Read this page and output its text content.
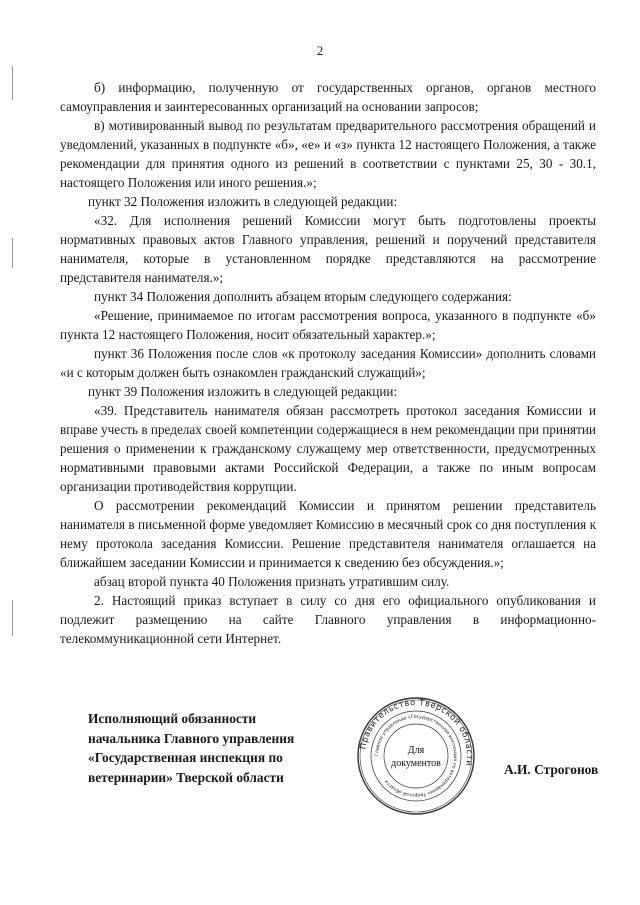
2

б) информацию, полученную от государственных органов, органов местного самоуправления и заинтересованных организаций на основании запросов;

в) мотивированный вывод по результатам предварительного рассмотрения обращений и уведомлений, указанных в подпункте «б», «е» и «з» пункта 12 настоящего Положения, а также рекомендации для принятия одного из решений в соответствии с пунктами 25, 30 - 30.1, настоящего Положения или иного решения.»;

пункт 32 Положения изложить в следующей редакции:

«32. Для исполнения решений Комиссии могут быть подготовлены проекты нормативных правовых актов Главного управления, решений и поручений представителя нанимателя, которые в установленном порядке представляются на рассмотрение представителя нанимателя.»;

пункт 34 Положения дополнить абзацем вторым следующего содержания:

«Решение, принимаемое по итогам рассмотрения вопроса, указанного в подпункте «б» пункта 12 настоящего Положения, носит обязательный характер.»;

пункт 36 Положения после слов «к протоколу заседания Комиссии» дополнить словами «и с которым должен быть ознакомлен гражданский служащий»;

пункт 39 Положения изложить в следующей редакции:

«39. Представитель нанимателя обязан рассмотреть протокол заседания Комиссии и вправе учесть в пределах своей компетенции содержащиеся в нем рекомендации при принятии решения о применении к гражданскому служащему мер ответственности, предусмотренных нормативными правовыми актами Российской Федерации, а также по иным вопросам организации противодействия коррупции.

О рассмотрении рекомендаций Комиссии и принятом решении представитель нанимателя в письменной форме уведомляет Комиссию в месячный срок со дня поступления к нему протокола заседания Комиссии. Решение представителя нанимателя оглашается на ближайшем заседании Комиссии и принимается к сведению без обсуждения.»;

абзац второй пункта 40 Положения признать утратившим силу.

2. Настоящий приказ вступает в силу со дня его официального опубликования и подлежит размещению на сайте Главного управления в информационно-телекоммуникационной сети Интернет.

Исполняющий обязанности
начальника Главного управления
«Государственная инспекция по
ветеринарии» Тверской области
Правительство Тверской области
Главное управление «Государственная инспекция по ветеринарии» Тверской области
Для
документов	А.И. Строгонов
